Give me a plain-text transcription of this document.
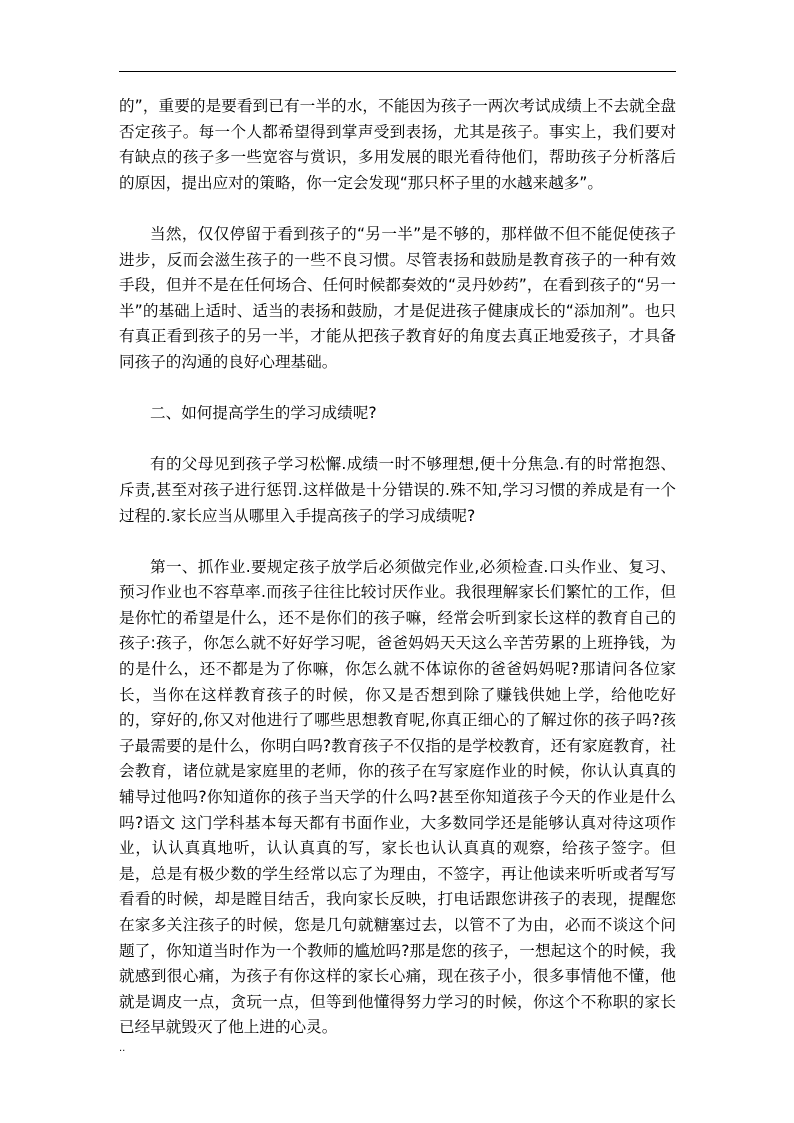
的”，重要的是要看到已有一半的水，不能因为孩子一两次考试成绩上不去就全盘否定孩子。每一个人都希望得到掌声受到表扬，尤其是孩子。事实上，我们要对有缺点的孩子多一些宽容与赏识，多用发展的眼光看待他们，帮助孩子分析落后的原因，提出应对的策略，你一定会发现“那只杯子里的水越来越多”。

当然，仅仅停留于看到孩子的“另一半”是不够的，那样做不但不能促使孩子进步，反而会滋生孩子的一些不良习惯。尽管表扬和鼓励是教育孩子的一种有效手段，但并不是在任何场合、任何时候都奏效的“灵丹妙药”，在看到孩子的“另一半”的基础上适时、适当的表扬和鼓励，才是促进孩子健康成长的“添加剂”。也只有真正看到孩子的另一半，才能从把孩子教育好的角度去真正地爱孩子，才具备同孩子的沟通的良好心理基础。

二、如何提高学生的学习成绩呢?

有的父母见到孩子学习松懈.成绩一时不够理想,便十分焦急.有的时常抱怨、斥责,甚至对孩子进行惩罚.这样做是十分错误的.殊不知,学习习惯的养成是有一个过程的.家长应当从哪里入手提高孩子的学习成绩呢?

第一、抓作业.要规定孩子放学后必须做完作业,必须检查.口头作业、复习、预习作业也不容草率.而孩子往往比较讨厌作业。我很理解家长们繁忙的工作，但是你忙的希望是什么，还不是你们的孩子嘛，经常会听到家长这样的教育自己的孩子:孩子，你怎么就不好好学习呢，爸爸妈妈天天这么辛苦劳累的上班挣钱，为的是什么，还不都是为了你嘛，你怎么就不体谅你的爸爸妈妈呢?那请问各位家长，当你在这样教育孩子的时候，你又是否想到除了赚钱供她上学，给他吃好的，穿好的,你又对他进行了哪些思想教育呢,你真正细心的了解过你的孩子吗?孩子最需要的是什么，你明白吗?教育孩子不仅指的是学校教育，还有家庭教育，社会教育，诸位就是家庭里的老师，你的孩子在写家庭作业的时候，你认认真真的辅导过他吗?你知道你的孩子当天学的什么吗?甚至你知道孩子今天的作业是什么吗?语文 这门学科基本每天都有书面作业，大多数同学还是能够认真对待这项作业，认认真真地听，认认真真的写，家长也认认真真的观察，给孩子签字。但是，总是有极少数的学生经常以忘了为理由，不签字，再让他读来听听或者写写看看的时候，却是瞠目结舌，我向家长反映，打电话跟您讲孩子的表现，提醒您在家多关注孩子的时候，您是几句就糖塞过去，以管不了为由，必而不谈这个问题了，你知道当时作为一个教师的尴尬吗?那是您的孩子，一想起这个的时候，我就感到很心痛，为孩子有你这样的家长心痛，现在孩子小，很多事情他不懂，他就是调皮一点，贪玩一点，但等到他懂得努力学习的时候，你这个不称职的家长已经早就毁灭了他上进的心灵。

..
